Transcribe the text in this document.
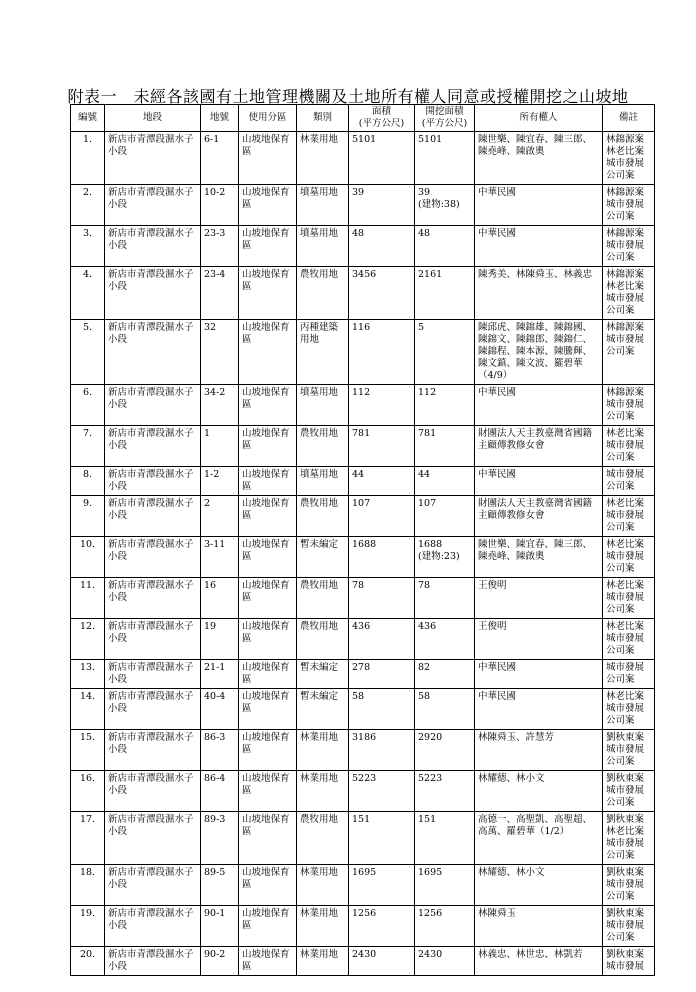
附表一　未經各該國有土地管理機關及土地所有權人同意或授權開挖之山坡地
編號	地段	地號	使用分區	類別	面積
(平方公尺)	開挖面積
(平方公尺)	所有權人	備註
1.	新店市青潭段濕水子小段	6-1	山坡地保育區	林業用地	5101	5101	陳世樂、陳宜春、陳三郎、陳堯峰、陳啟奧	林錦源案
林老比案
城市發展公司案
2.	新店市青潭段濕水子小段	10-2	山坡地保育區	墳墓用地	39	39
(建物:38)	中華民國	林錦源案
城市發展公司案
3.	新店市青潭段濕水子小段	23-3	山坡地保育區	墳墓用地	48	48	中華民國	林錦源案
城市發展公司案
4.	新店市青潭段濕水子小段	23-4	山坡地保育區	農牧用地	3456	2161	陳秀美、林陳舜玉、林義忠	林錦源案
林老比案
城市發展公司案
5.	新店市青潭段濕水子小段	32	山坡地保育區	丙種建築用地	116	5	陳邱虎、陳錦雄、陳錦國、陳錦文、陳錦郎、陳錦仁、陳錦程、陳本源、陳騰輝、陳文鎮、陳文波、羅碧華（4/9）	林錦源案
城市發展公司案
6.	新店市青潭段濕水子小段	34-2	山坡地保育區	墳墓用地	112	112	中華民國	林錦源案
城市發展公司案
7.	新店市青潭段濕水子小段	1	山坡地保育區	農牧用地	781	781	財團法人天主教臺灣省國籍主顧傳教修女會	林老比案
城市發展公司案
8.	新店市青潭段濕水子小段	1-2	山坡地保育區	墳墓用地	44	44	中華民國	城市發展公司案
9.	新店市青潭段濕水子小段	2	山坡地保育區	農牧用地	107	107	財團法人天主教臺灣省國籍主顧傳教修女會	林老比案
城市發展公司案
10.	新店市青潭段濕水子小段	3-11	山坡地保育區	暫未編定	1688	1688
(建物:23)	陳世樂、陳宜春、陳三郎、陳堯峰、陳啟奧	林老比案
城市發展公司案
11.	新店市青潭段濕水子小段	16	山坡地保育區	農牧用地	78	78	王俊明	林老比案
城市發展公司案
12.	新店市青潭段濕水子小段	19	山坡地保育區	農牧用地	436	436	王俊明	林老比案
城市發展公司案
13.	新店市青潭段濕水子小段	21-1	山坡地保育區	暫未編定	278	82	中華民國	城市發展公司案
14.	新店市青潭段濕水子小段	40-4	山坡地保育區	暫未編定	58	58	中華民國	林老比案
城市發展公司案
15.	新店市青潭段濕水子小段	86-3	山坡地保育區	林業用地	3186	2920	林陳舜玉、許慧芳	劉秋東案
城市發展公司案
16.	新店市青潭段濕水子小段	86-4	山坡地保育區	林業用地	5223	5223	林耀德、林小文	劉秋東案
城市發展公司案
17.	新店市青潭段濕水子小段	89-3	山坡地保育區	農牧用地	151	151	高德一、高聖凱、高聖超、高萬、羅碧華（1/2）	劉秋東案
林老比案
城市發展公司案
18.	新店市青潭段濕水子小段	89-5	山坡地保育區	林業用地	1695	1695	林耀德、林小文	劉秋東案
城市發展公司案
19.	新店市青潭段濕水子小段	90-1	山坡地保育區	林業用地	1256	1256	林陳舜玉	劉秋東案
城市發展公司案
20.	新店市青潭段濕水子小段	90-2	山坡地保育區	林業用地	2430	2430	林義忠、林世忠、林凱若	劉秋東案
城市發展
